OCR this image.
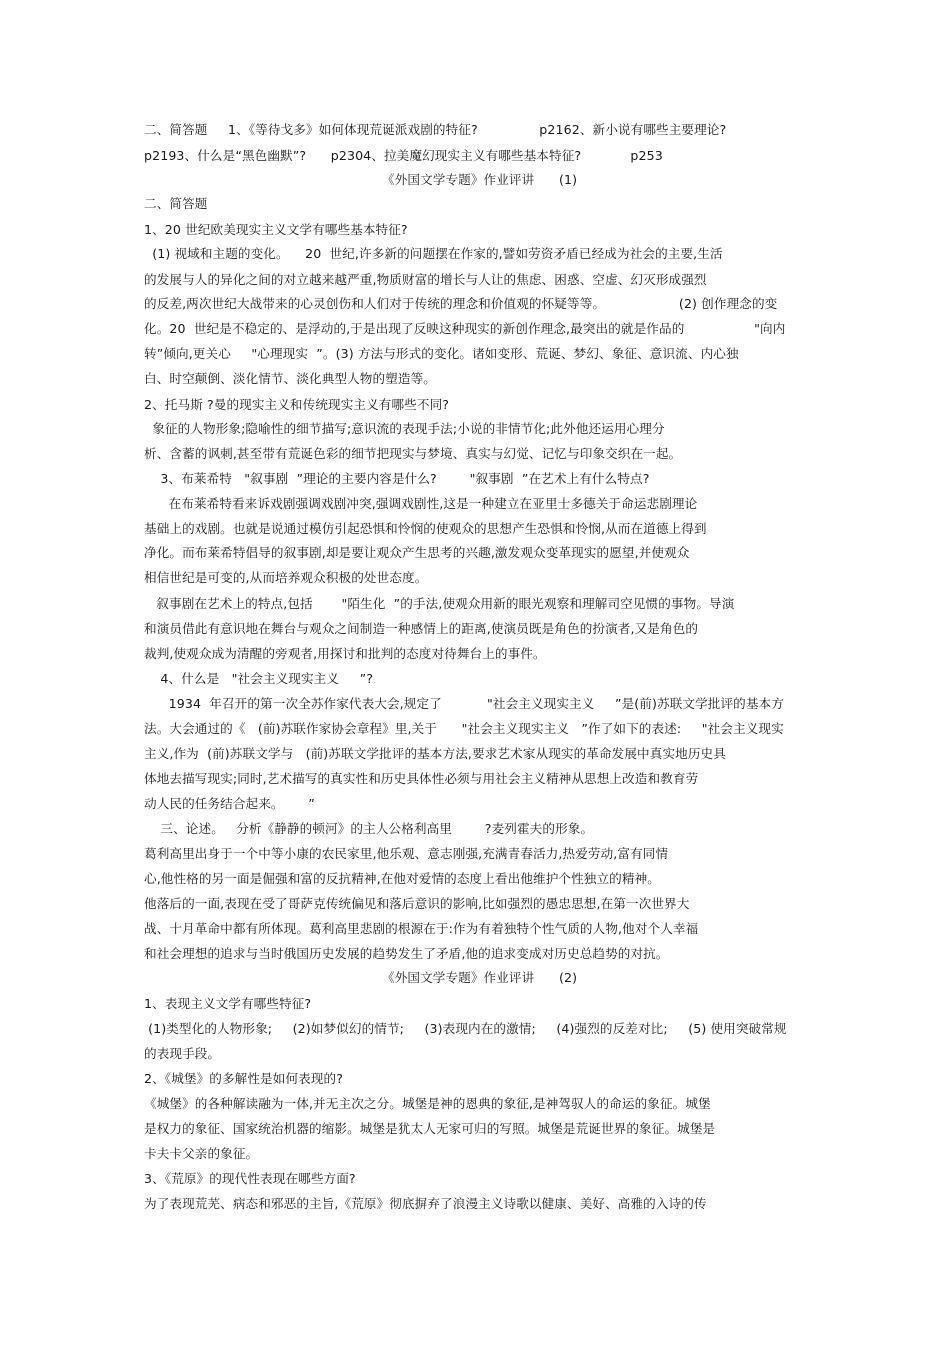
二、简答题     1、《等待戈多》如何体现荒诞派戏剧的特征?               p2162、新小说有哪些主要理论?
p2193、什么是“黑色幽默”?      p2304、拉美魔幻现实主义有哪些基本特征?            p253
《外国文学专题》作业评讲      (1)
二、简答题
1、20 世纪欧美现实主义文学有哪些基本特征?
(1) 视域和主题的变化。    20  世纪,许多新的问题摆在作家的,譬如劳资矛盾已经成为社会的主要,生活
的发展与人的异化之间的对立越来越严重,物质财富的增长与人让的焦虑、困惑、空虚、幻灭形成强烈
的反差,两次世纪大战带来的心灵创伤和人们对于传统的理念和价值观的怀疑等等。                  (2) 创作理念的变
化。20  世纪是不稳定的、是浮动的,于是出现了反映这种现实的新创作理念,最突出的就是作品的                 "向内
转”倾向,更关心     "心理现实  ”。(3) 方法与形式的变化。诸如变形、荒诞、梦幻、象征、意识流、内心独
白、时空颠倒、淡化情节、淡化典型人物的塑造等。
2、托马斯 ?曼的现实主义和传统现实主义有哪些不同?
象征的人物形象;隐喻性的细节描写;意识流的表现手法;小说的非情节化;此外他还运用心理分
析、含蓄的讽刺,甚至带有荒诞色彩的细节把现实与梦境、真实与幻觉、记忆与印象交织在一起。
3、布莱希特   "叙事剧  ”理论的主要内容是什么?        "叙事剧  ”在艺术上有什么特点?
在布莱希特看来诉戏剧强调戏剧冲突,强调戏剧性,这是一种建立在亚里士多德关于命运悲剧理论
基础上的戏剧。也就是说通过模仿引起恐惧和怜悯的使观众的思想产生恐惧和怜悯,从而在道德上得到
净化。而布莱希特倡导的叙事剧,却是要让观众产生思考的兴趣,激发观众变革现实的愿望,并使观众
相信世纪是可变的,从而培养观众积极的处世态度。
叙事剧在艺术上的特点,包括       "陌生化  ”的手法,使观众用新的眼光观察和理解司空见惯的事物。导演
和演员借此有意识地在舞台与观众之间制造一种感情上的距离,使演员既是角色的扮演者,又是角色的
裁判,使观众成为清醒的旁观者,用探讨和批判的态度对待舞台上的事件。
4、什么是   "社会主义现实主义     ”?
1934  年召开的第一次全苏作家代表大会,规定了           "社会主义现实主义     ”是(前)苏联文学批评的基本方
法。大会通过的《   (前)苏联作家协会章程》里,关于      "社会主义现实主义   ”作了如下的表述:     "社会主义现实
主义,作为  (前)苏联文学与   (前)苏联文学批评的基本方法,要求艺术家从现实的革命发展中真实地历史具
体地去描写现实;同时,艺术描写的真实性和历史具体性必须与用社会主义精神从思想上改造和教育劳
动人民的任务结合起来。      ”
三、论述。   分析《静静的顿河》的主人公格利高里        ?麦列霍夫的形象。
葛利高里出身于一个中等小康的农民家里,他乐观、意志刚强,充满青春活力,热爱劳动,富有同情
心,他性格的另一面是倔强和富的反抗精神,在他对爱情的态度上看出他维护个性独立的精神。
他落后的一面,表现在受了哥萨克传统偏见和落后意识的影响,比如强烈的愚忠思想,在第一次世界大
战、十月革命中都有所体现。葛利高里悲剧的根源在于:作为有着独特个性气质的人物,他对个人幸福
和社会理想的追求与当时俄国历史发展的趋势发生了矛盾,他的追求变成对历史总趋势的对抗。
《外国文学专题》作业评讲      (2)
1、表现主义文学有哪些特征?
(1)类型化的人物形象;     (2)如梦似幻的情节;     (3)表现内在的激情;     (4)强烈的反差对比;     (5) 使用突破常规
的表现手段。
2、《城堡》的多解性是如何表现的?
《城堡》的各种解读融为一体,并无主次之分。城堡是神的恩典的象征,是神驾驭人的命运的象征。城堡
是权力的象征、国家统治机器的缩影。城堡是犹太人无家可归的写照。城堡是荒诞世界的象征。城堡是
卡夫卡父亲的象征。
3、《荒原》的现代性表现在哪些方面?
为了表现荒芜、病态和邪恶的主旨,《荒原》彻底摒弃了浪漫主义诗歌以健康、美好、高雅的入诗的传
